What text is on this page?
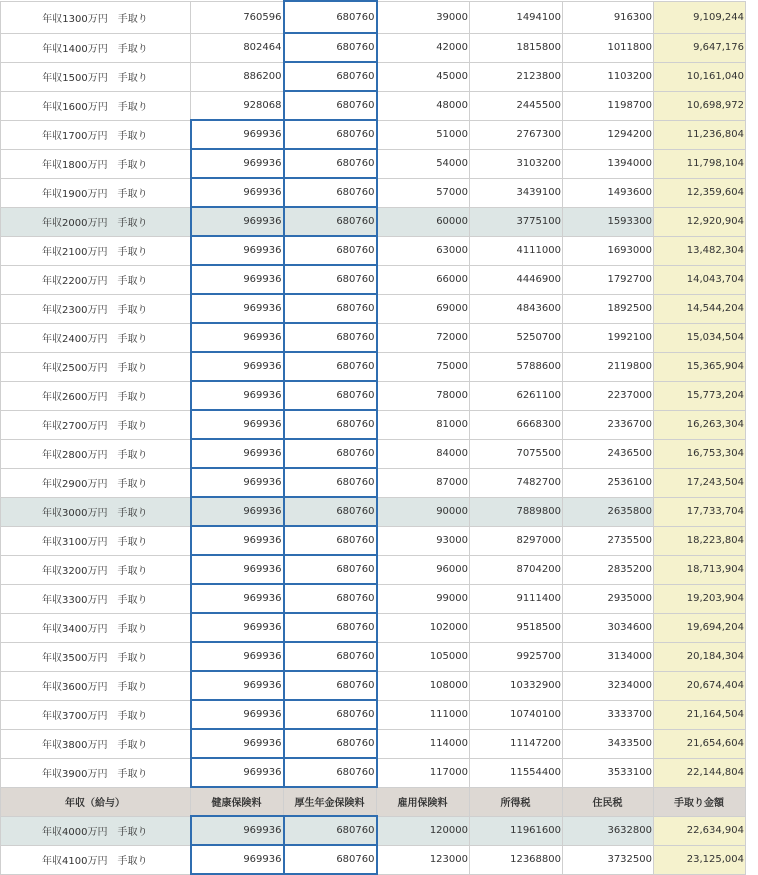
年収1300万円　手取り	760596	680760	39000	1494100	916300	9,109,244	
年収1400万円　手取り	802464	680760	42000	1815800	1011800	9,647,176	
年収1500万円　手取り	886200	680760	45000	2123800	1103200	10,161,040	
年収1600万円　手取り	928068	680760	48000	2445500	1198700	10,698,972	
年収1700万円　手取り	969936	680760	51000	2767300	1294200	11,236,804	
年収1800万円　手取り	969936	680760	54000	3103200	1394000	11,798,104	
年収1900万円　手取り	969936	680760	57000	3439100	1493600	12,359,604	
年収2000万円　手取り	969936	680760	60000	3775100	1593300	12,920,904	
年収2100万円　手取り	969936	680760	63000	4111000	1693000	13,482,304	
年収2200万円　手取り	969936	680760	66000	4446900	1792700	14,043,704	
年収2300万円　手取り	969936	680760	69000	4843600	1892500	14,544,204	
年収2400万円　手取り	969936	680760	72000	5250700	1992100	15,034,504	
年収2500万円　手取り	969936	680760	75000	5788600	2119800	15,365,904	
年収2600万円　手取り	969936	680760	78000	6261100	2237000	15,773,204	
年収2700万円　手取り	969936	680760	81000	6668300	2336700	16,263,304	
年収2800万円　手取り	969936	680760	84000	7075500	2436500	16,753,304	
年収2900万円　手取り	969936	680760	87000	7482700	2536100	17,243,504	
年収3000万円　手取り	969936	680760	90000	7889800	2635800	17,733,704	
年収3100万円　手取り	969936	680760	93000	8297000	2735500	18,223,804	
年収3200万円　手取り	969936	680760	96000	8704200	2835200	18,713,904	
年収3300万円　手取り	969936	680760	99000	9111400	2935000	19,203,904	
年収3400万円　手取り	969936	680760	102000	9518500	3034600	19,694,204	
年収3500万円　手取り	969936	680760	105000	9925700	3134000	20,184,304	
年収3600万円　手取り	969936	680760	108000	10332900	3234000	20,674,404	
年収3700万円　手取り	969936	680760	111000	10740100	3333700	21,164,504	
年収3800万円　手取り	969936	680760	114000	11147200	3433500	21,654,604	
年収3900万円　手取り	969936	680760	117000	11554400	3533100	22,144,804	
年収（給与）	健康保険料	厚生年金保険料	雇用保険料	所得税	住民税	手取り金額	
年収4000万円　手取り	969936	680760	120000	11961600	3632800	22,634,904	
年収4100万円　手取り	969936	680760	123000	12368800	3732500	23,125,004	
